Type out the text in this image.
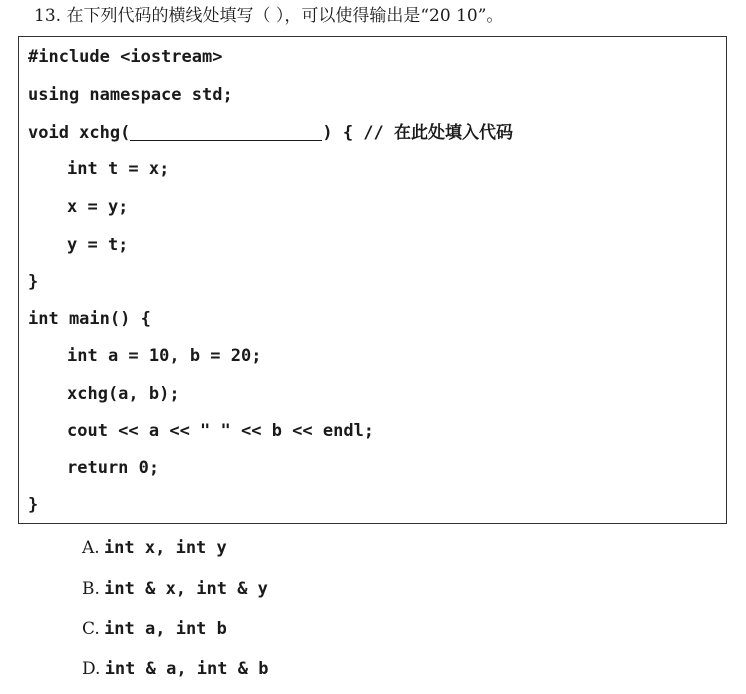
13. 在下列代码的横线处填写（ ），可以使得输出是“20 10”。
#include <iostream>
using namespace std;
void xchg(	) { // 在此处填入代码
int t = x;
x = y;
y = t;
}
int main() {
int a = 10, b = 20;
xchg(a, b);
cout << a << " " << b << endl;
return 0;
}
A. int x, int y
B. int & x, int & y
C. int a, int b
D. int & a, int & b
